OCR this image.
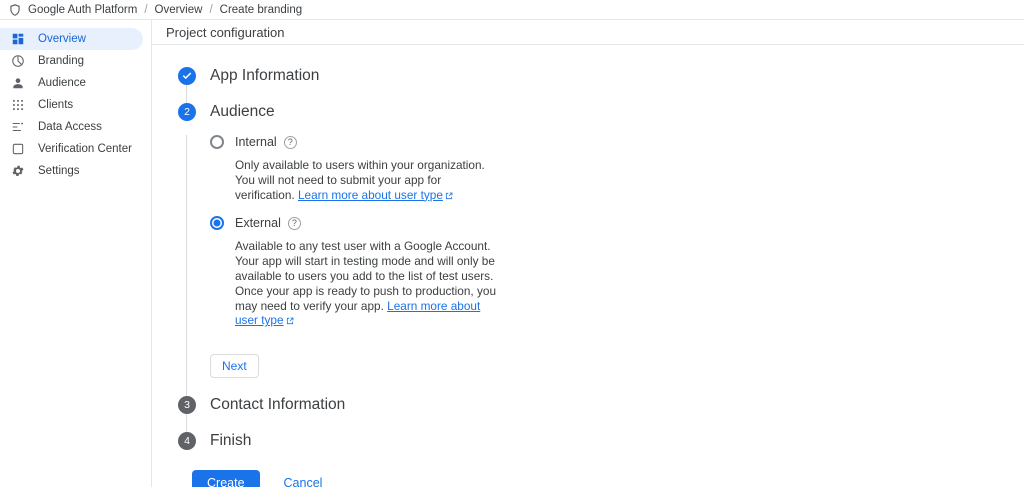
Google Auth Platform / Overview / Create branding
Overview
Branding
Audience
Clients
Data Access
Verification Center
Settings
Project configuration
App Information
2	Audience
Internal	?
Only available to users within your organization. You will not need to submit your app for verification. Learn more about user type
External	?
Available to any test user with a Google Account. Your app will start in testing mode and will only be available to users you add to the list of test users. Once your app is ready to push to production, you may need to verify your app. Learn more about user type
Next
3	Contact Information
4	Finish
Create	Cancel
